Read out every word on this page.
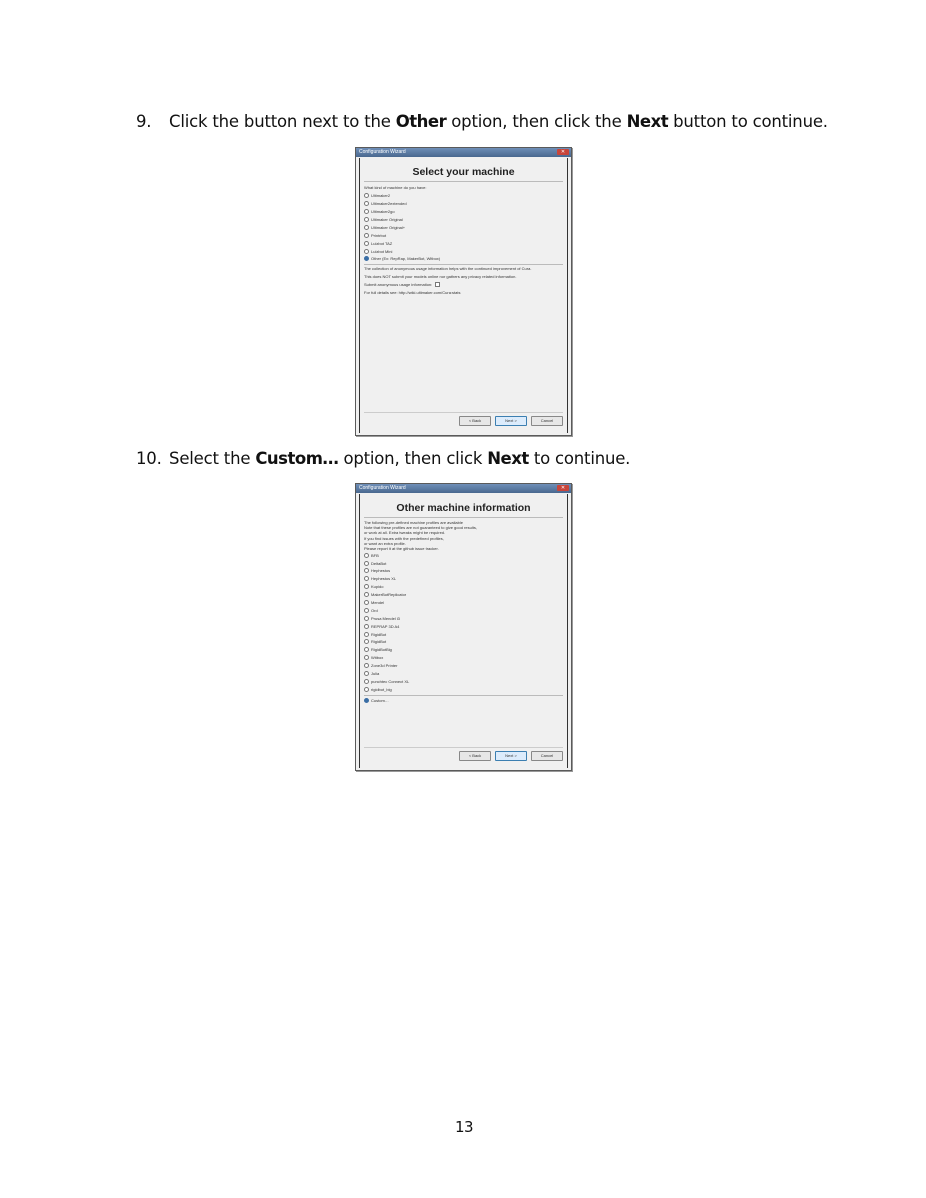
9. Click the button next to the Other option, then click the Next button to continue.
Configuration Wizard	✕
Select your machine
What kind of machine do you have:
Ultimaker2
Ultimaker2extended
Ultimaker2go
Ultimaker Original
Ultimaker Original+
Printrbot
Lulzbot TAZ
Lulzbot Mini
Other (Ex: RepRap, MakerBot, Witbox)
The collection of anonymous usage information helps with the continued improvement of Cura.
This does NOT submit your models online nor gathers any privacy related information.
Submit anonymous usage information:
For full details see: http://wiki.ultimaker.com/Cura:stats
< Back	Next >	Cancel
10. Select the Custom… option, then click Next to continue.
Configuration Wizard	✕
Other machine information
The following pre-defined machine profiles are available
Note that these profiles are not guaranteed to give good results,
or work at all. Extra tweaks might be required.
If you find issues with the predefined profiles,
or want an extra profile.
Please report it at the github issue tracker.
BFB
DeltaBot
Hephestos
Hephestos XL
Kupido
MakerBotReplicator
Mendel
Ord
Prusa Mendel i3
REPRAP 3D A4
RigidBot
RigidBot
RigidBotBig
Witbox
Zone3d Printer
Julia
punchtec Connect XL
rigidbot_big
Custom…
< Back	Next >	Cancel
13
